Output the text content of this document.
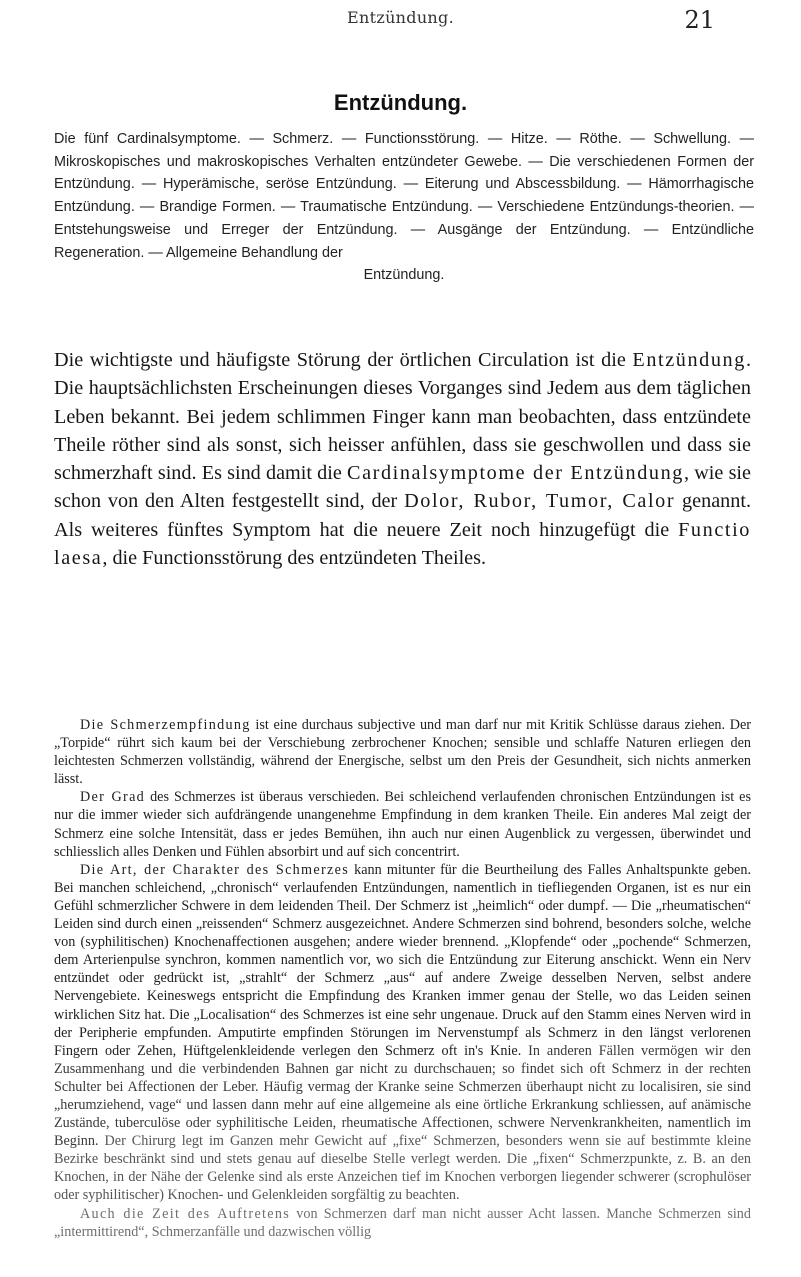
Entzündung.	21
Entzündung.
Die fünf Cardinalsymptome. — Schmerz. — Functionsstörung. — Hitze. — Röthe. — Schwellung. — Mikroskopisches und makroskopisches Verhalten entzündeter Gewebe. — Die verschiedenen Formen der Entzündung. — Hyperämische, seröse Entzündung. — Eiterung und Abscessbildung. — Hämorrhagische Entzündung. — Brandige Formen. — Traumatische Entzündung. — Verschiedene Entzündungs-theorien. — Entstehungsweise und Erreger der Entzündung. — Ausgänge der Entzündung. — Entzündliche Regeneration. — Allgemeine Behandlung der
Entzündung.
Die wichtigste und häufigste Störung der örtlichen Circulation ist die Entzündung. Die hauptsächlichsten Erscheinungen dieses Vorganges sind Jedem aus dem täglichen Leben bekannt. Bei jedem schlimmen Finger kann man beobachten, dass entzündete Theile röther sind als sonst, sich heisser anfühlen, dass sie geschwollen und dass sie schmerzhaft sind. Es sind damit die Cardinalsymptome der Entzündung, wie sie schon von den Alten festgestellt sind, der Dolor, Rubor, Tumor, Calor genannt. Als weiteres fünftes Symptom hat die neuere Zeit noch hinzugefügt die Functio laesa, die Functionsstörung des entzündeten Theiles.

Die Schmerzempfindung ist eine durchaus subjective und man darf nur mit Kritik Schlüsse daraus ziehen. Der „Torpide“ rührt sich kaum bei der Verschiebung zerbrochener Knochen; sensible und schlaffe Naturen erliegen den leichtesten Schmerzen vollständig, während der Energische, selbst um den Preis der Gesundheit, sich nichts anmerken lässt.

Der Grad des Schmerzes ist überaus verschieden. Bei schleichend verlaufenden chronischen Entzündungen ist es nur die immer wieder sich aufdrängende unangenehme Empfindung in dem kranken Theile. Ein anderes Mal zeigt der Schmerz eine solche Intensität, dass er jedes Bemühen, ihn auch nur einen Augenblick zu vergessen, überwindet und schliesslich alles Denken und Fühlen absorbirt und auf sich concentrirt.

Die Art, der Charakter des Schmerzes kann mitunter für die Beurtheilung des Falles Anhaltspunkte geben. Bei manchen schleichend, „chronisch“ verlaufenden Entzündungen, namentlich in tiefliegenden Organen, ist es nur ein Gefühl schmerzlicher Schwere in dem leidenden Theil. Der Schmerz ist „heimlich“ oder dumpf. — Die „rheumatischen“ Leiden sind durch einen „reissenden“ Schmerz ausgezeichnet. Andere Schmerzen sind bohrend, besonders solche, welche von (syphilitischen) Knochenaffectionen ausgehen; andere wieder brennend. „Klopfende“ oder „pochende“ Schmerzen, dem Arterienpulse synchron, kommen namentlich vor, wo sich die Entzündung zur Eiterung anschickt. Wenn ein Nerv entzündet oder gedrückt ist, „strahlt“ der Schmerz „aus“ auf andere Zweige desselben Nerven, selbst andere Nervengebiete. Keineswegs entspricht die Empfindung des Kranken immer genau der Stelle, wo das Leiden seinen wirklichen Sitz hat. Die „Localisation“ des Schmerzes ist eine sehr ungenaue. Druck auf den Stamm eines Nerven wird in der Peripherie empfunden. Amputirte empfinden Störungen im Nervenstumpf als Schmerz in den längst verlorenen Fingern oder Zehen, Hüftgelenkleidende verlegen den Schmerz oft in's Knie. In anderen Fällen vermögen wir den Zusammenhang und die verbindenden Bahnen gar nicht zu durchschauen; so findet sich oft Schmerz in der rechten Schulter bei Affectionen der Leber. Häufig vermag der Kranke seine Schmerzen überhaupt nicht zu localisiren, sie sind „herumziehend, vage“ und lassen dann mehr auf eine allgemeine als eine örtliche Erkrankung schliessen, auf anämische Zustände, tuberculöse oder syphilitische Leiden, rheumatische Affectionen, schwere Nervenkrankheiten, namentlich im Beginn. Der Chirurg legt im Ganzen mehr Gewicht auf „fixe“ Schmerzen, besonders wenn sie auf bestimmte kleine Bezirke beschränkt sind und stets genau auf dieselbe Stelle verlegt werden. Die „fixen“ Schmerzpunkte, z. B. an den Knochen, in der Nähe der Gelenke sind als erste Anzeichen tief im Knochen verborgen liegender schwerer (scrophulöser oder syphilitischer) Knochen- und Gelenkleiden sorgfältig zu beachten.

Auch die Zeit des Auftretens von Schmerzen darf man nicht ausser Acht lassen. Manche Schmerzen sind „intermittirend“, Schmerzanfälle und dazwischen völlig
